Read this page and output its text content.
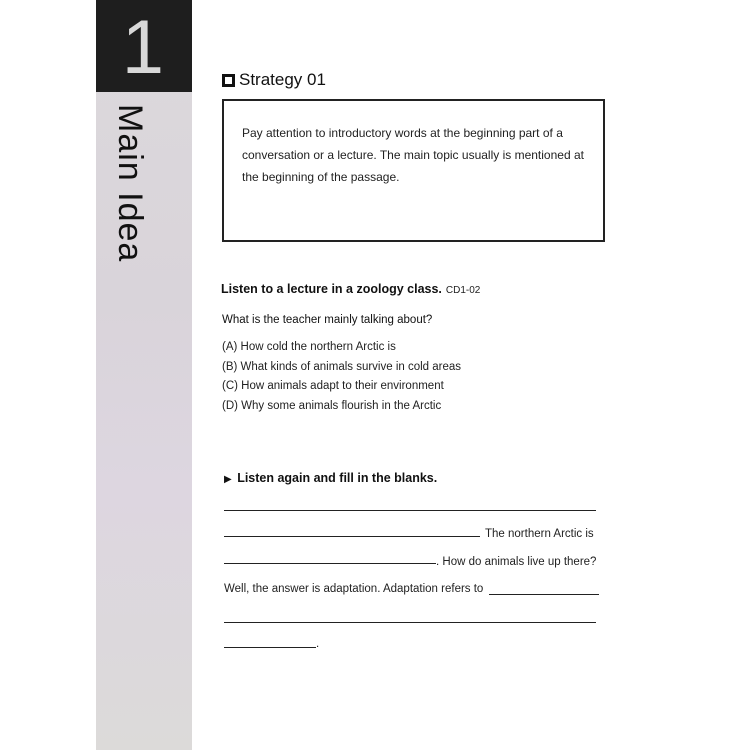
1
Main Idea
Strategy 01
Pay attention to introductory words at the beginning part of a conversation or a lecture. The main topic usually is mentioned at the beginning of the passage.
Listen to a lecture in a zoology class. CD1-02
What is the teacher mainly talking about?
(A) How cold the northern Arctic is
(B) What kinds of animals survive in cold areas
(C) How animals adapt to their environment
(D) Why some animals flourish in the Arctic
▶ Listen again and fill in the blanks.
The northern Arctic is
. How do animals live up there?
Well, the answer is adaptation. Adaptation refers to
.
